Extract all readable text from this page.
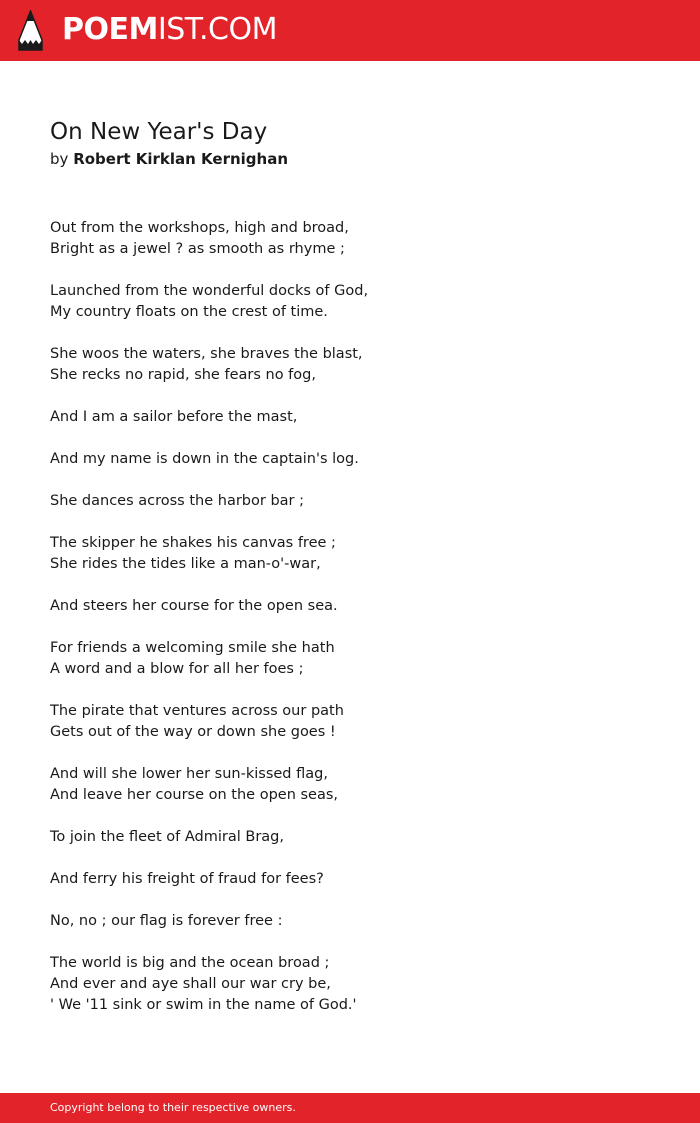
POEMIST.COM
On New Year's Day
by Robert Kirklan Kernighan
Out from the workshops, high and broad,
Bright as a jewel ? as smooth as rhyme ;
Launched from the wonderful docks of God,
My country floats on the crest of time.
She woos the waters, she braves the blast,
She recks no rapid, she fears no fog,
And I am a sailor before the mast,
And my name is down in the captain's log.
She dances across the harbor bar ;
The skipper he shakes his canvas free ;
She rides the tides like a man-o'-war,
And steers her course for the open sea.
For friends a welcoming smile she hath
A word and a blow for all her foes ;
The pirate that ventures across our path
Gets out of the way or down she goes !
And will she lower her sun-kissed flag,
And leave her course on the open seas,
To join the fleet of Admiral Brag,
And ferry his freight of fraud for fees?
No, no ; our flag is forever free :
The world is big and the ocean broad ;
And ever and aye shall our war cry be,
' We '11 sink or swim in the name of God.'
Copyright belong to their respective owners.
